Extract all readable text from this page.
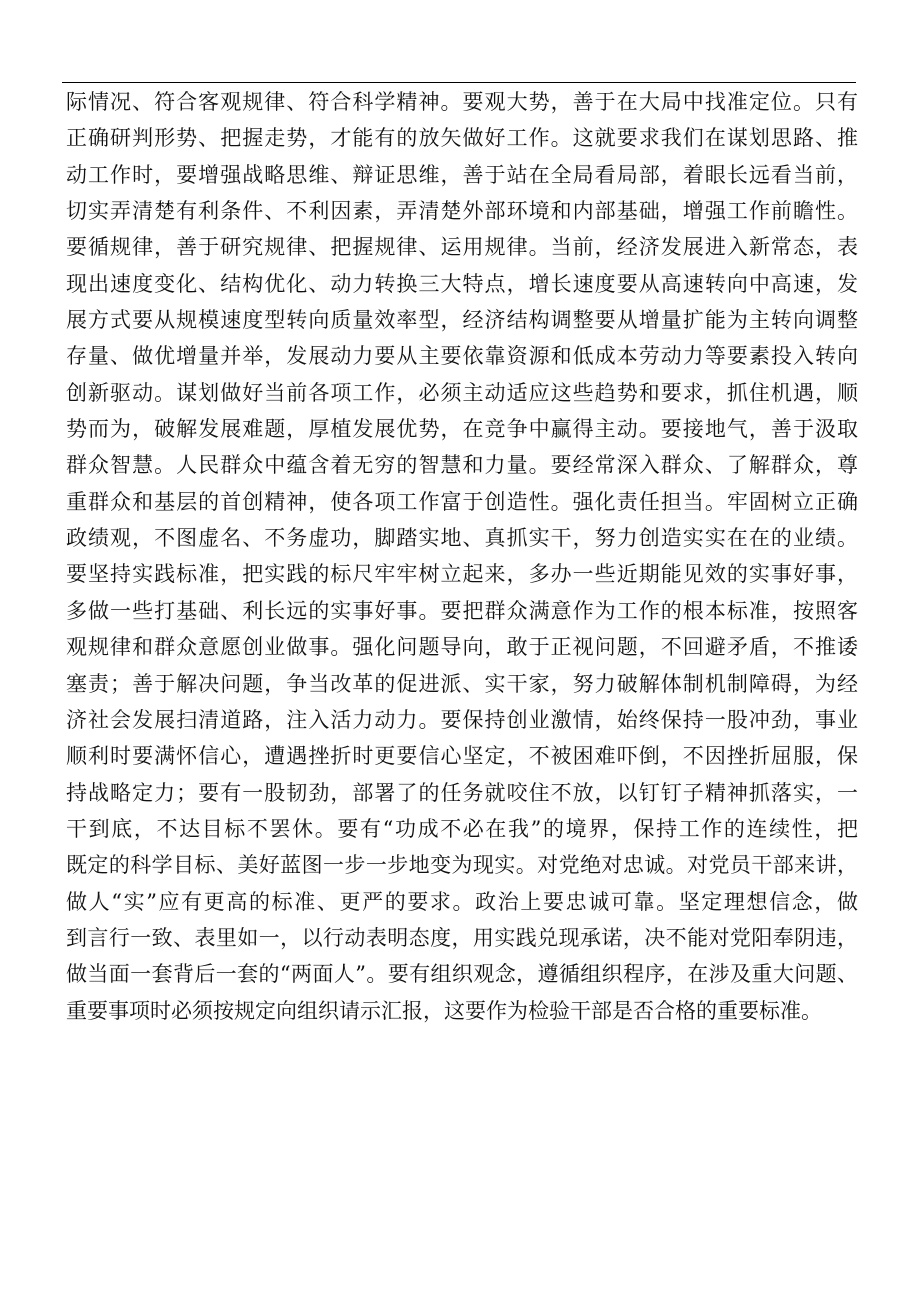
际情况、符合客观规律、符合科学精神。要观大势，善于在大局中找准定位。只有
正确研判形势、把握走势，才能有的放矢做好工作。这就要求我们在谋划思路、推
动工作时，要增强战略思维、辩证思维，善于站在全局看局部，着眼长远看当前，
切实弄清楚有利条件、不利因素，弄清楚外部环境和内部基础，增强工作前瞻性。
要循规律，善于研究规律、把握规律、运用规律。当前，经济发展进入新常态，表
现出速度变化、结构优化、动力转换三大特点，增长速度要从高速转向中高速，发
展方式要从规模速度型转向质量效率型，经济结构调整要从增量扩能为主转向调整
存量、做优增量并举，发展动力要从主要依靠资源和低成本劳动力等要素投入转向
创新驱动。谋划做好当前各项工作，必须主动适应这些趋势和要求，抓住机遇，顺
势而为，破解发展难题，厚植发展优势，在竞争中赢得主动。要接地气，善于汲取
群众智慧。人民群众中蕴含着无穷的智慧和力量。要经常深入群众、了解群众，尊
重群众和基层的首创精神，使各项工作富于创造性。强化责任担当。牢固树立正确
政绩观，不图虚名、不务虚功，脚踏实地、真抓实干，努力创造实实在在的业绩。
要坚持实践标准，把实践的标尺牢牢树立起来，多办一些近期能见效的实事好事，
多做一些打基础、利长远的实事好事。要把群众满意作为工作的根本标准，按照客
观规律和群众意愿创业做事。强化问题导向，敢于正视问题，不回避矛盾，不推诿
塞责；善于解决问题，争当改革的促进派、实干家，努力破解体制机制障碍，为经
济社会发展扫清道路，注入活力动力。要保持创业激情，始终保持一股冲劲，事业
顺利时要满怀信心，遭遇挫折时更要信心坚定，不被困难吓倒，不因挫折屈服，保
持战略定力；要有一股韧劲，部署了的任务就咬住不放，以钉钉子精神抓落实，一
干到底，不达目标不罢休。要有“功成不必在我”的境界，保持工作的连续性，把
既定的科学目标、美好蓝图一步一步地变为现实。对党绝对忠诚。对党员干部来讲，
做人“实”应有更高的标准、更严的要求。政治上要忠诚可靠。坚定理想信念，做
到言行一致、表里如一，以行动表明态度，用实践兑现承诺，决不能对党阳奉阴违，
做当面一套背后一套的“两面人”。要有组织观念，遵循组织程序，在涉及重大问题、
重要事项时必须按规定向组织请示汇报，这要作为检验干部是否合格的重要标准。
